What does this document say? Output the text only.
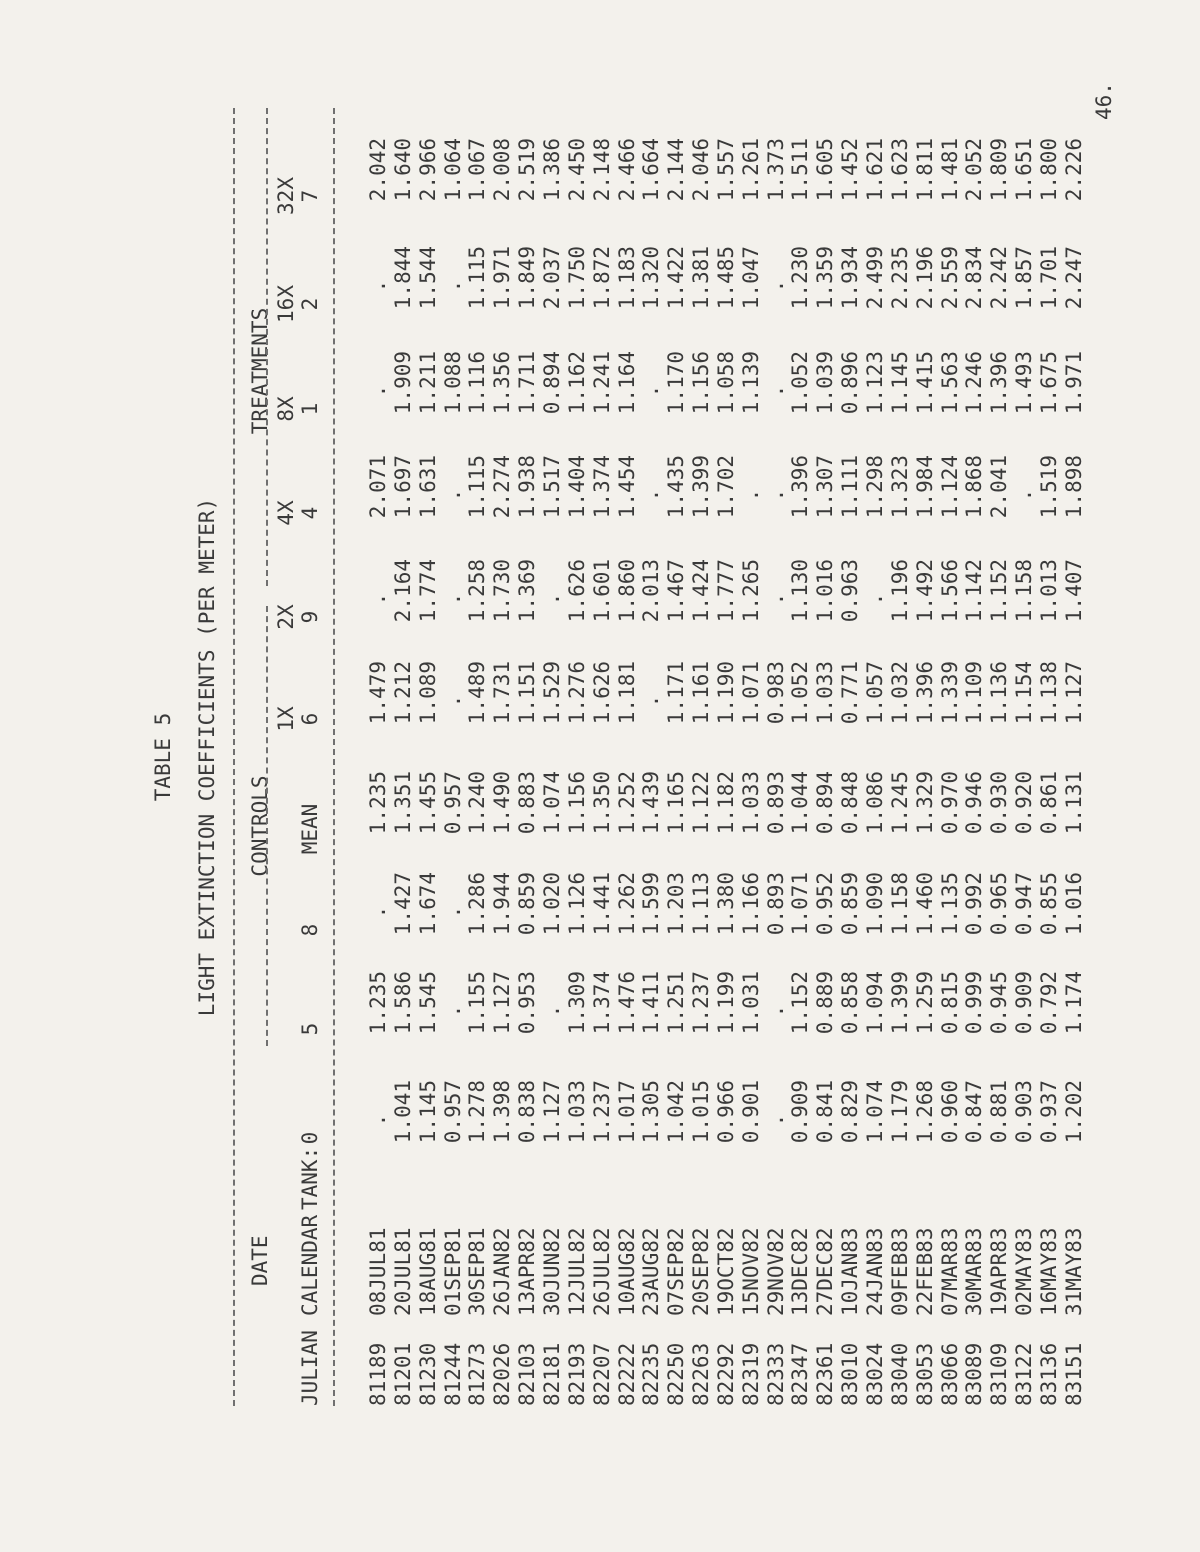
46.
TABLE 5 LIGHT EXTINCTION COEFFICIENTS (PER METER)
DATE
CONTROLS
TREATMENTS
1X
2X
4X
8X
16X
32X
JULIAN
CALENDAR
TANK:
0
5
8
MEAN
6
9
4
1
2
7
81189
08JUL81
.
1.235
.
1.235
1.479
.
2.071
.
.
2.042
81201
20JUL81
1.041
1.586
1.427
1.351
1.212
2.164
1.697
1.909
1.844
1.640
81230
18AUG81
1.145
1.545
1.674
1.455
1.089
1.774
1.631
1.211
1.544
2.966
81244
01SEP81
0.957
.
.
0.957
.
.
.
1.088
.
1.064
81273
30SEP81
1.278
1.155
1.286
1.240
1.489
1.258
1.115
1.116
1.115
1.067
82026
26JAN82
1.398
1.127
1.944
1.490
1.731
1.730
2.274
1.356
1.971
2.008
82103
13APR82
0.838
0.953
0.859
0.883
1.151
1.369
1.938
1.711
1.849
2.519
82181
30JUN82
1.127
.
1.020
1.074
1.529
.
1.517
0.894
2.037
1.386
82193
12JUL82
1.033
1.309
1.126
1.156
1.276
1.626
1.404
1.162
1.750
2.450
82207
26JUL82
1.237
1.374
1.441
1.350
1.626
1.601
1.374
1.241
1.872
2.148
82222
10AUG82
1.017
1.476
1.262
1.252
1.181
1.860
1.454
1.164
1.183
2.466
82235
23AUG82
1.305
1.411
1.599
1.439
.
2.013
.
.
1.320
1.664
82250
07SEP82
1.042
1.251
1.203
1.165
1.171
1.467
1.435
1.170
1.422
2.144
82263
20SEP82
1.015
1.237
1.113
1.122
1.161
1.424
1.399
1.156
1.381
2.046
82292
19OCT82
0.966
1.199
1.380
1.182
1.190
1.777
1.702
1.058
1.485
1.557
82319
15NOV82
0.901
1.031
1.166
1.033
1.071
1.265
.
1.139
1.047
1.261
82333
29NOV82
.
.
0.893
0.893
0.983
.
.
.
.
1.373
82347
13DEC82
0.909
1.152
1.071
1.044
1.052
1.130
1.396
1.052
1.230
1.511
82361
27DEC82
0.841
0.889
0.952
0.894
1.033
1.016
1.307
1.039
1.359
1.605
83010
10JAN83
0.829
0.858
0.859
0.848
0.771
0.963
1.111
0.896
1.934
1.452
83024
24JAN83
1.074
1.094
1.090
1.086
1.057
.
1.298
1.123
2.499
1.621
83040
09FEB83
1.179
1.399
1.158
1.245
1.032
1.196
1.323
1.145
2.235
1.623
83053
22FEB83
1.268
1.259
1.460
1.329
1.396
1.492
1.984
1.415
2.196
1.811
83066
07MAR83
0.960
0.815
1.135
0.970
1.339
1.566
1.124
1.563
2.559
1.481
83089
30MAR83
0.847
0.999
0.992
0.946
1.109
1.142
1.868
1.246
2.834
2.052
83109
19APR83
0.881
0.945
0.965
0.930
1.136
1.152
2.041
1.396
2.242
1.809
83122
02MAY83
0.903
0.909
0.947
0.920
1.154
1.158
.
1.493
1.857
1.651
83136
16MAY83
0.937
0.792
0.855
0.861
1.138
1.013
1.519
1.675
1.701
1.800
83151
31MAY83
1.202
1.174
1.016
1.131
1.127
1.407
1.898
1.971
2.247
2.226
